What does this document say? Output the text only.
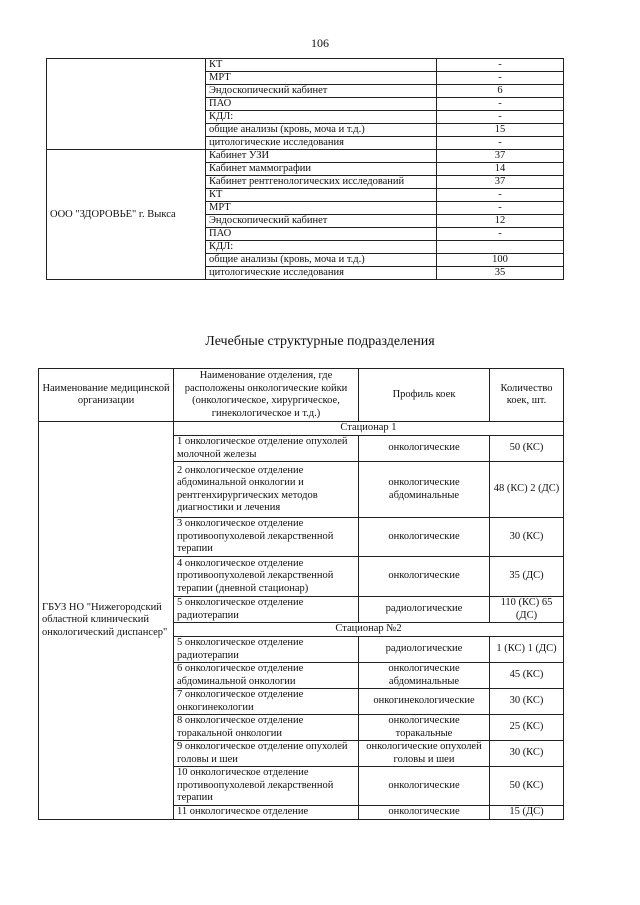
106
	КТ	-
	МРТ	-
	Эндоскопический кабинет	6
	ПАО	-
	КДЛ:	-
	общие анализы (кровь, моча и т.д.)	15
	цитологические исследования	-
ООО "ЗДОРОВЬЕ" г. Выкса	Кабинет УЗИ	37
	Кабинет маммографии	14
	Кабинет рентгенологических исследований	37
	КТ	-
	МРТ	-
	Эндоскопический кабинет	12
	ПАО	-
	КДЛ:	
	общие анализы (кровь, моча и т.д.)	100
	цитологические исследования	35
Лечебные структурные подразделения
Наименование медицинской организации	Наименование отделения, где расположены онкологические койки (онкологическое, хирургическое, гинекологическое и т.д.)	Профиль коек	Количество коек, шт.
ГБУЗ НО "Нижегородский областной клинический онкологический диспансер"	Стационар 1		
	1 онкологическое отделение опухолей молочной железы	онкологические	50 (КС)
	2 онкологическое отделение абдоминальной онкологии и рентгенхирургических методов диагностики и лечения	онкологические абдоминальные	48 (КС) 2 (ДС)
	3 онкологическое отделение противоопухолевой лекарственной терапии	онкологические	30 (КС)
	4 онкологическое отделение противоопухолевой лекарственной терапии (дневной стационар)	онкологические	35 (ДС)
	5 онкологическое отделение радиотерапии	радиологические	110 (КС) 65 (ДС)
	Стационар №2		
	5 онкологическое отделение радиотерапии	радиологические	1 (КС) 1 (ДС)
	6 онкологическое отделение абдоминальной онкологии	онкологические абдоминальные	45 (КС)
	7 онкологическое отделение онкогинекологии	онкогинекологические	30 (КС)
	8 онкологическое отделение торакальной онкологии	онкологические торакальные	25 (КС)
	9 онкологическое отделение опухолей головы и шеи	онкологические опухолей головы и шеи	30 (КС)
	10 онкологическое отделение противоопухолевой лекарственной терапии	онкологические	50 (КС)
	11 онкологическое отделение	онкологические	15 (ДС)
